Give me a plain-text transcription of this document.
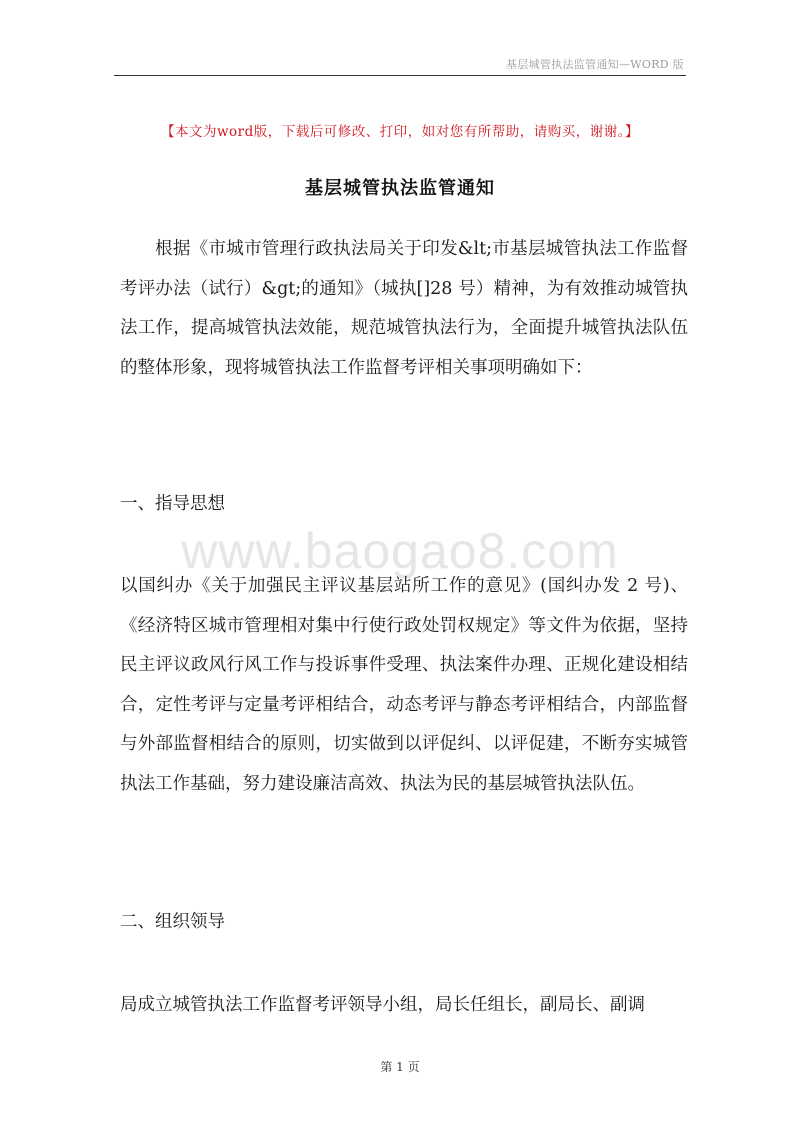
基层城管执法监管通知—WORD 版
www.baogao8.com
【本文为word版，下载后可修改、打印，如对您有所帮助，请购买，谢谢。】
基层城管执法监管通知

根据《市城市管理行政执法局关于印发&lt;市基层城管执法工作监督考评办法（试行）&gt;的通知》（城执[]28 号）精神，为有效推动城管执法工作，提高城管执法效能，规范城管执法行为，全面提升城管执法队伍的整体形象，现将城管执法工作监督考评相关事项明确如下：

一、指导思想

以国纠办《关于加强民主评议基层站所工作的意见》(国纠办发 2 号)、《经济特区城市管理相对集中行使行政处罚权规定》等文件为依据，坚持民主评议政风行风工作与投诉事件受理、执法案件办理、正规化建设相结合，定性考评与定量考评相结合，动态考评与静态考评相结合，内部监督与外部监督相结合的原则，切实做到以评促纠、以评促建，不断夯实城管执法工作基础，努力建设廉洁高效、执法为民的基层城管执法队伍。

二、组织领导

局成立城管执法工作监督考评领导小组，局长任组长，副局长、副调

第 1 页
